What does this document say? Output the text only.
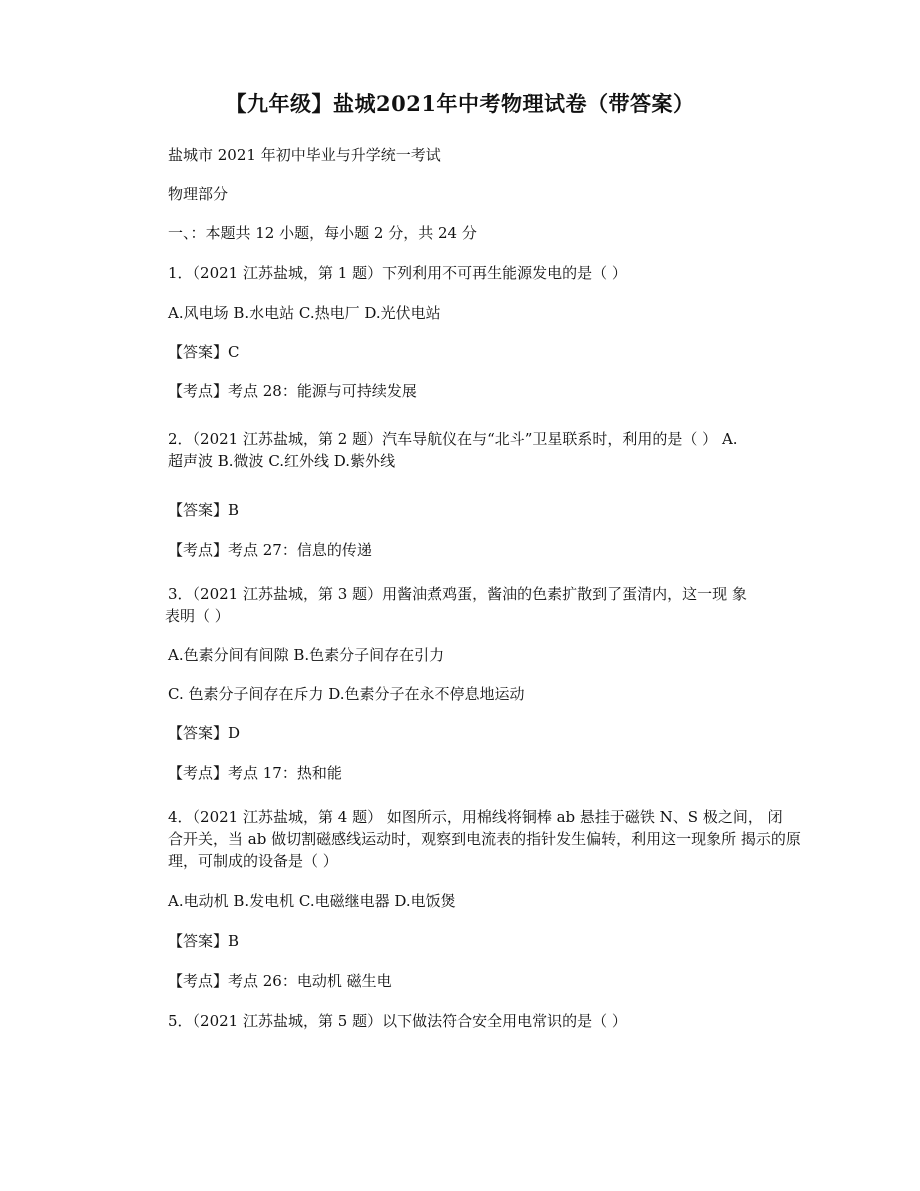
【九年级】盐城2021年中考物理试卷（带答案）
盐城市 2021 年初中毕业与升学统一考试
物理部分
一、：本题共 12 小题，每小题 2 分，共 24 分
1．（2021 江苏盐城，第 1 题）下列利用不可再生能源发电的是（ ）
A.风电场 B.水电站 C.热电厂 D.光伏电站
【答案】C
【考点】考点 28：能源与可持续发展
2．（2021 江苏盐城，第 2 题）汽车导航仪在与“北斗”卫星联系时，利用的是（ ） A.
超声波 B.微波 C.红外线 D.紫外线
【答案】B
【考点】考点 27：信息的传递
3．（2021 江苏盐城，第 3 题）用酱油煮鸡蛋，酱油的色素扩散到了蛋清内，这一现 象
表明（ ）
A.色素分间有间隙 B.色素分子间存在引力
C. 色素分子间存在斥力 D.色素分子在永不停息地运动
【答案】D
【考点】考点 17：热和能
4．（2021 江苏盐城，第 4 题） 如图所示，用棉线将铜棒 ab 悬挂于磁铁 N、S 极之间， 闭
合开关，当 ab 做切割磁感线运动时，观察到电流表的指针发生偏转，利用这一现象所 揭示的原
理，可制成的设备是（ ）
A.电动机 B.发电机 C.电磁继电器 D.电饭煲
【答案】B
【考点】考点 26：电动机 磁生电
5．（2021 江苏盐城，第 5 题）以下做法符合安全用电常识的是（ ）
